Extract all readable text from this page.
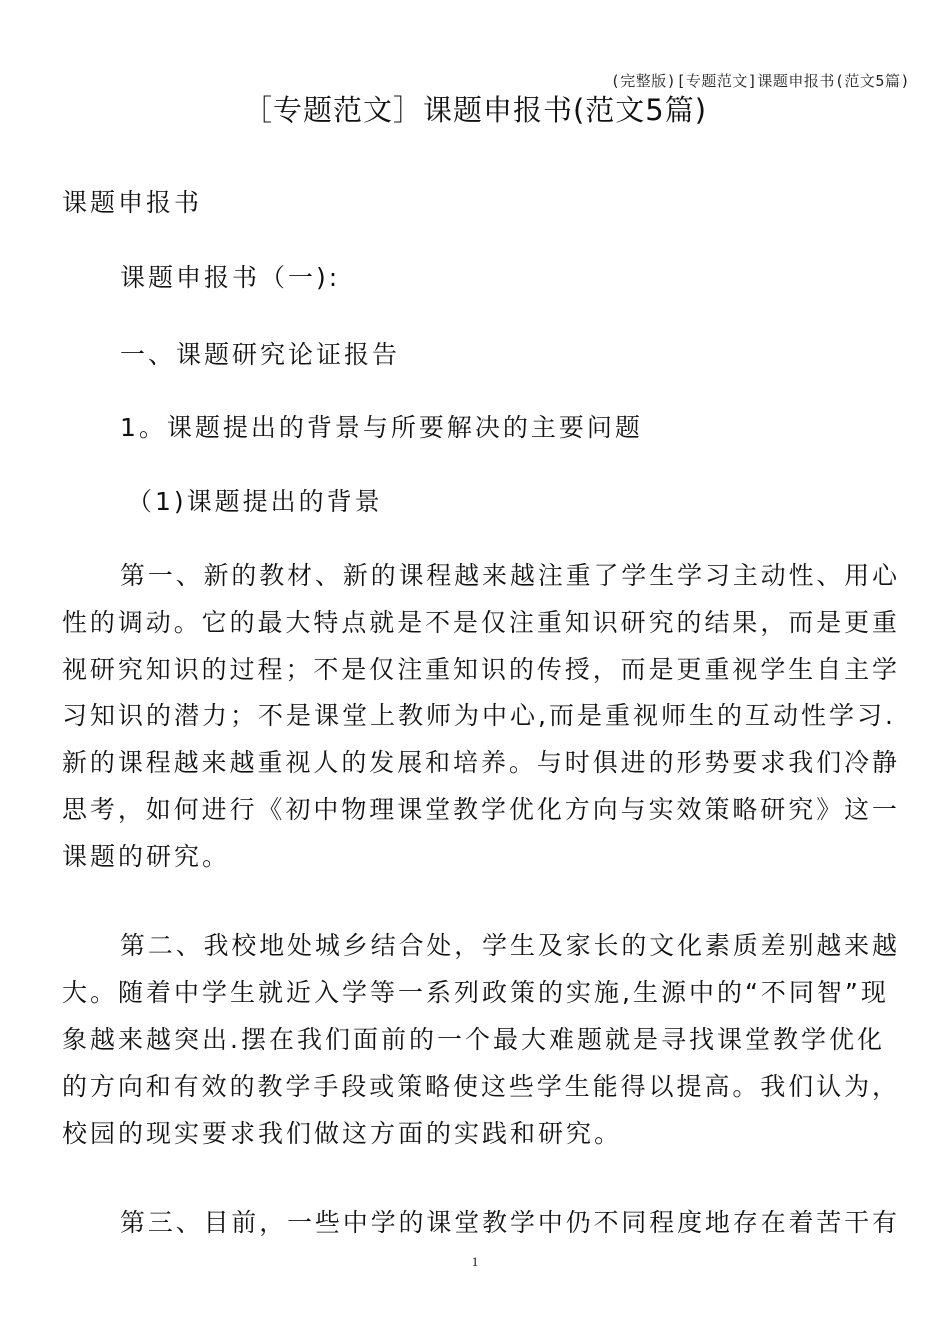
(完整版)[专题范文]课题申报书(范文5篇)
［专题范文］课题申报书(范文5篇)
课题申报书
课题申报书（一):
一、课题研究论证报告
1。课题提出的背景与所要解决的主要问题
（1)课题提出的背景
第一、新的教材、新的课程越来越注重了学生学习主动性、用心
性的调动。它的最大特点就是不是仅注重知识研究的结果，而是更重
视研究知识的过程；不是仅注重知识的传授，而是更重视学生自主学
习知识的潜力；不是课堂上教师为中心,而是重视师生的互动性学习.
新的课程越来越重视人的发展和培养。与时俱进的形势要求我们冷静
思考，如何进行《初中物理课堂教学优化方向与实效策略研究》这一
课题的研究。
第二、我校地处城乡结合处，学生及家长的文化素质差别越来越
大。随着中学生就近入学等一系列政策的实施,生源中的“不同智”现
象越来越突出.摆在我们面前的一个最大难题就是寻找课堂教学优化
的方向和有效的教学手段或策略使这些学生能得以提高。我们认为，
校园的现实要求我们做这方面的实践和研究。
第三、目前，一些中学的课堂教学中仍不同程度地存在着苦干有
1
